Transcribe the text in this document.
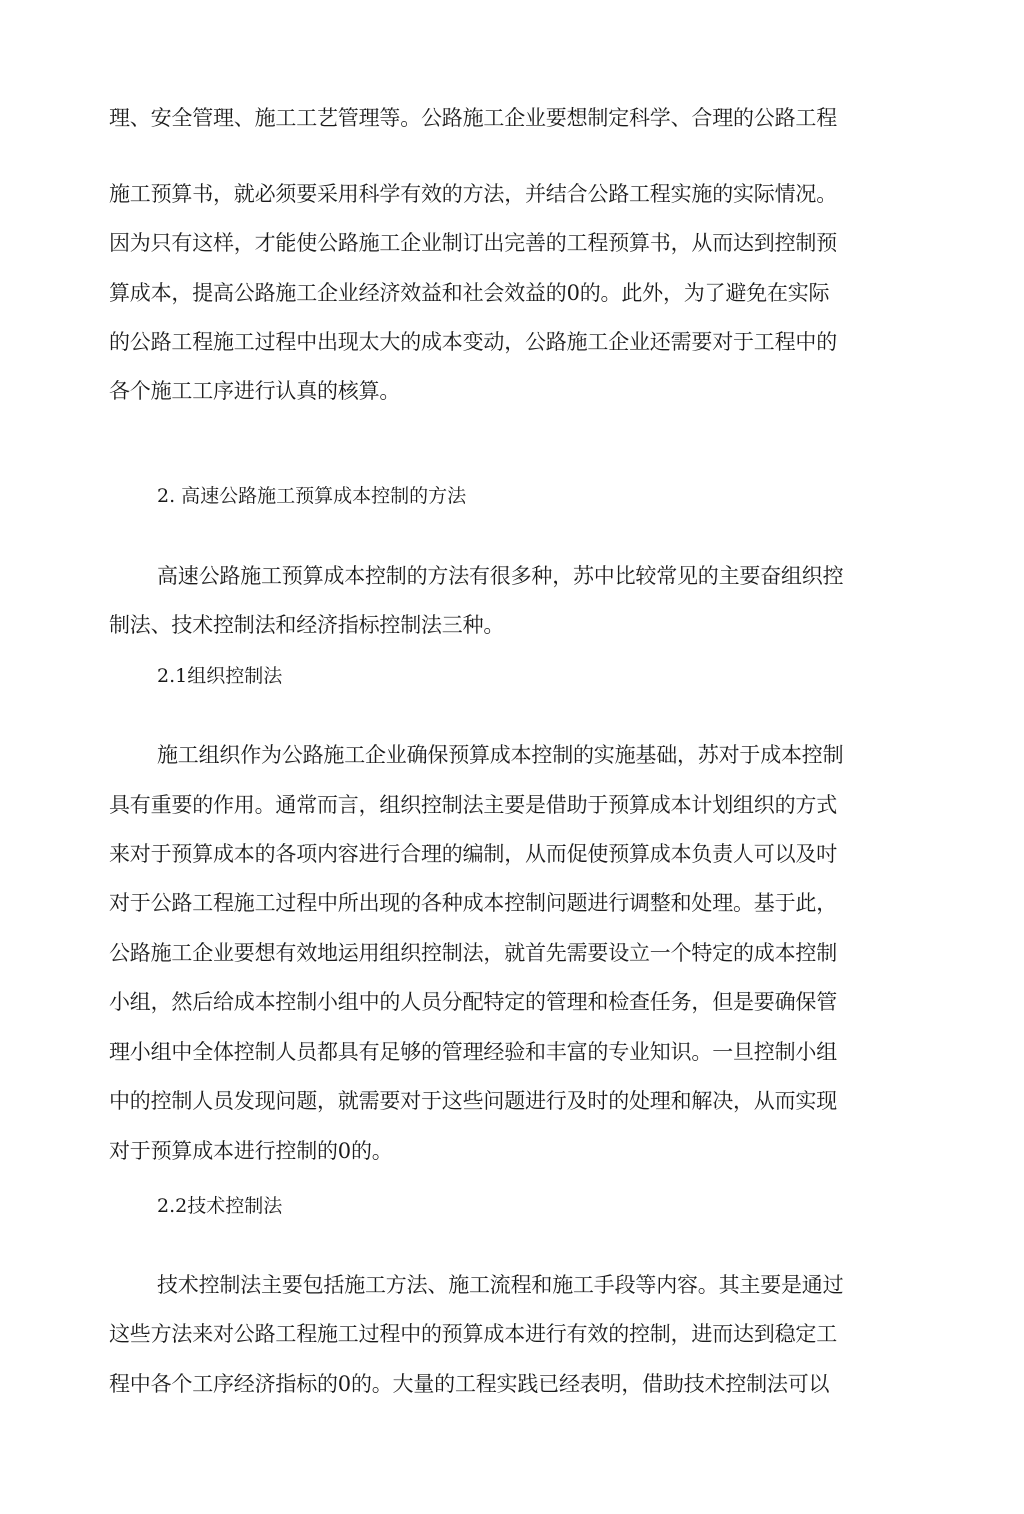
理、安全管理、施工工艺管理等。公路施工企业要想制定科学、合理的公路工程
施工预算书，就必须要采用科学有效的方法，并结合公路工程实施的实际情况。
因为只有这样，才能使公路施工企业制订出完善的工程预算书，从而达到控制预
算成本，提高公路施工企业经济效益和社会效益的0的。此外，为了避免在实际
的公路工程施工过程中出现太大的成本变动，公路施工企业还需要对于工程中的
各个施工工序进行认真的核算。
2. 高速公路施工预算成本控制的方法
高速公路施工预算成本控制的方法有很多种，苏中比较常见的主要奋组织控
制法、技术控制法和经济指标控制法三种。
2.1组织控制法
施工组织作为公路施工企业确保预算成本控制的实施基础，苏对于成本控制
具有重要的作用。通常而言，组织控制法主要是借助于预算成本计划组织的方式
来对于预算成本的各项内容进行合理的编制，从而促使预算成本负责人可以及吋
对于公路工程施工过程中所出现的各种成本控制问题进行调整和处理。基于此，
公路施工企业要想有效地运用组织控制法，就首先需要设立一个特定的成本控制
小组，然后给成本控制小组中的人员分配特定的管理和检查任务，但是要确保管
理小组中全体控制人员都具有足够的管理经验和丰富的专业知识。一旦控制小组
中的控制人员发现问题，就需要对于这些问题进行及时的处理和解决，从而实现
对于预算成本进行控制的0的。
2.2技术控制法
技术控制法主要包括施工方法、施工流程和施工手段等内容。其主要是通过
这些方法来对公路工程施工过程中的预算成本进行有效的控制，进而达到稳定工
程中各个工序经济指标的0的。大量的工程实践已经表明，借助技术控制法可以
